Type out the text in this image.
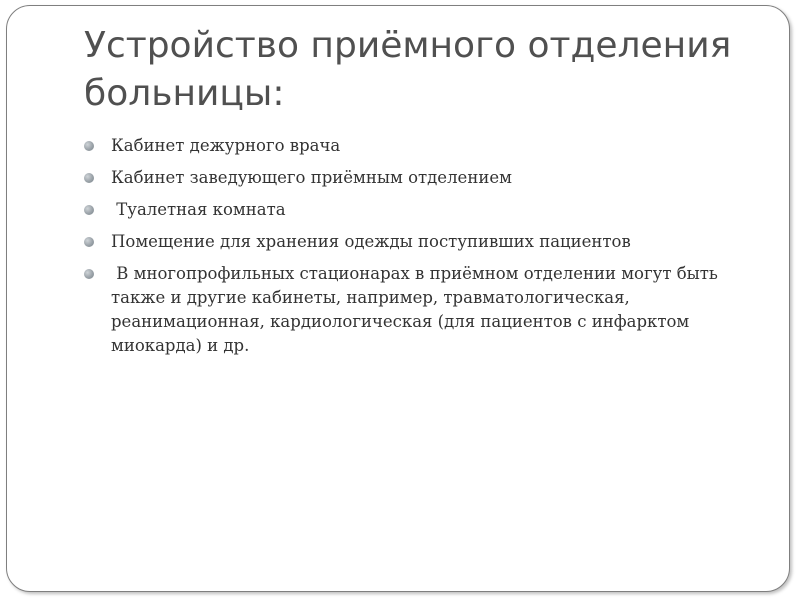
Устройство приёмного отделения больницы:
Кабинет дежурного врача
Кабинет заведующего приёмным отделением
Туалетная комната
Помещение для хранения одежды поступивших пациентов
В многопрофильных стационарах в приёмном отделении могут быть также и другие кабинеты, например, травматологическая, реанимационная, кардиологическая (для пациентов с инфарктом миокарда) и др.
